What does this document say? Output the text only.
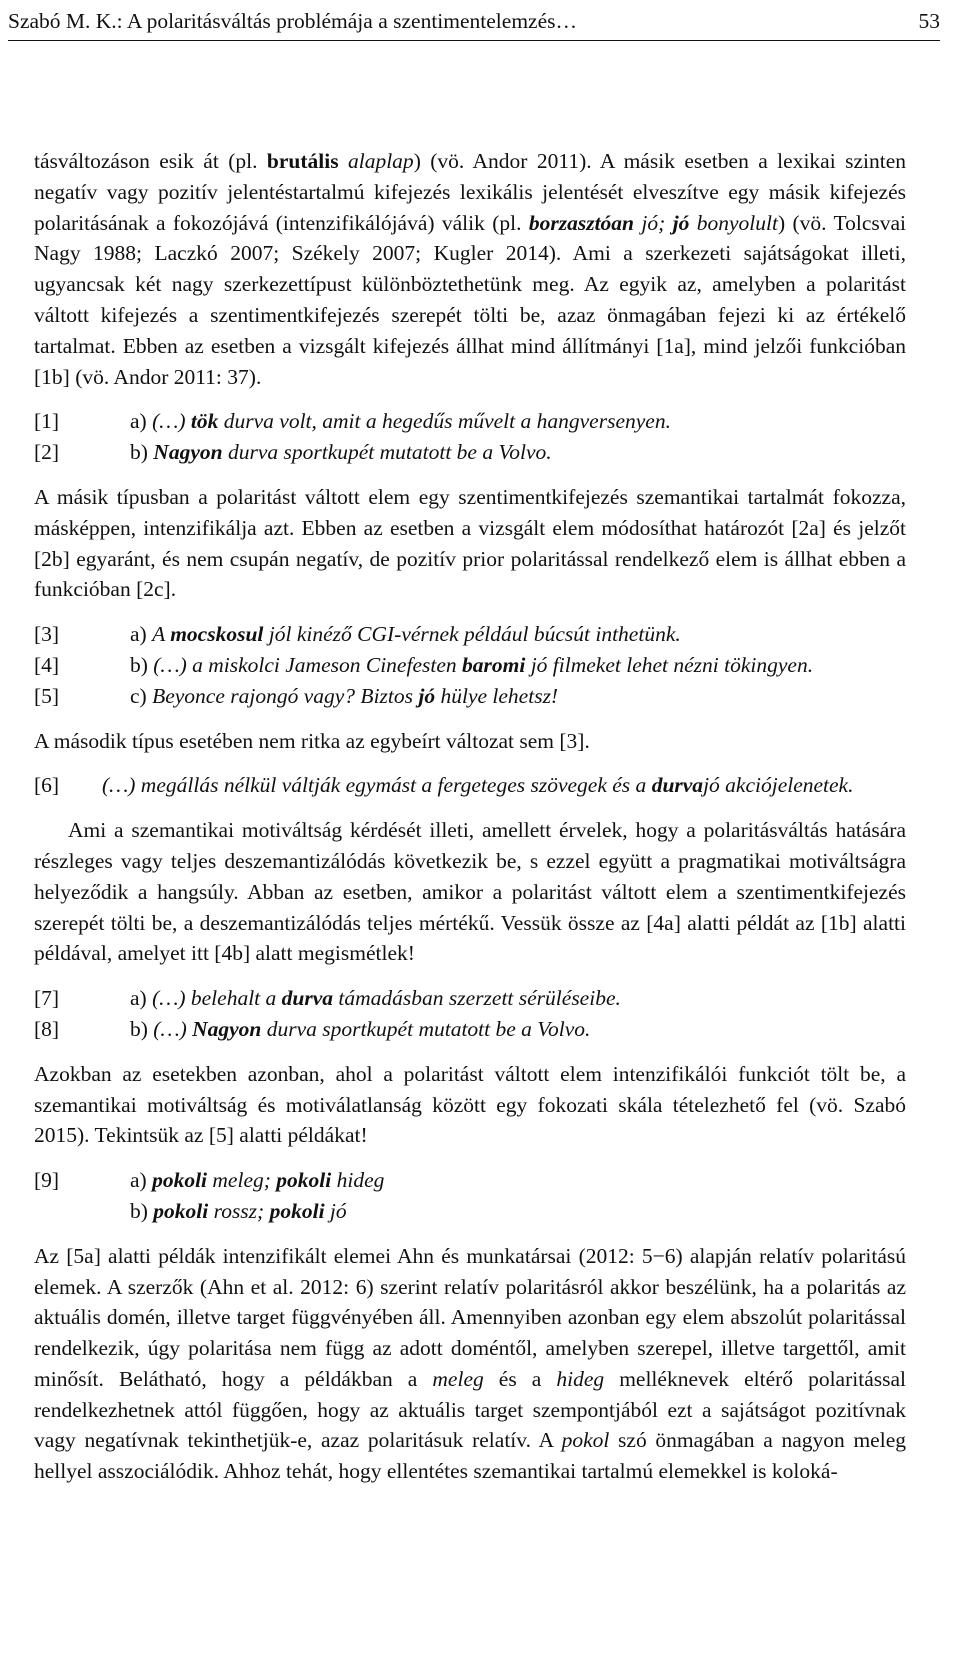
Szabó M. K.: A polaritásváltás problémája a szentimentelemzés…	53

tásváltozáson esik át (pl. brutális alaplap) (vö. Andor 2011). A másik esetben a lexikai szinten negatív vagy pozitív jelentéstartalmú kifejezés lexikális jelentését elveszítve egy másik kifejezés polaritásának a fokozójává (intenzifikálójává) válik (pl. borzasztóan jó; jó bonyolult) (vö. Tolcsvai Nagy 1988; Laczkó 2007; Székely 2007; Kugler 2014). Ami a szerkezeti sajátságokat illeti, ugyancsak két nagy szerkezettípust különböztethetünk meg. Az egyik az, amelyben a polaritást váltott kifejezés a szentimentkifejezés szerepét tölti be, azaz önmagában fejezi ki az értékelő tartalmat. Ebben az esetben a vizsgált kifejezés állhat mind állítmányi [1a], mind jelzői funkcióban [1b] (vö. Andor 2011: 37).

[1]	a) (…) tök durva volt, amit a hegedűs művelt a hangversenyen.
[2]	b) Nagyon durva sportkupét mutatott be a Volvo.

A másik típusban a polaritást váltott elem egy szentimentkifejezés szemantikai tartalmát fokozza, másképpen, intenzifikálja azt. Ebben az esetben a vizsgált elem módosíthat határozót [2a] és jelzőt [2b] egyaránt, és nem csupán negatív, de pozitív prior polaritással rendelkező elem is állhat ebben a funkcióban [2c].

[3]	a) A mocskosul jól kinéző CGI-vérnek például búcsút inthetünk.
[4]	b) (…) a miskolci Jameson Cinefesten baromi jó filmeket lehet nézni tökingyen.
[5]	c) Beyonce rajongó vagy? Biztos jó hülye lehetsz!

A második típus esetében nem ritka az egybeírt változat sem [3].

[6] (…) megállás nélkül váltják egymást a fergeteges szövegek és a durvajó akciójelenetek.

Ami a szemantikai motiváltság kérdését illeti, amellett érvelek, hogy a polaritásváltás hatására részleges vagy teljes deszemantizálódás következik be, s ezzel együtt a pragmatikai motiváltságra helyeződik a hangsúly. Abban az esetben, amikor a polaritást váltott elem a szentimentkifejezés szerepét tölti be, a deszemantizálódás teljes mértékű. Vessük össze az [4a] alatti példát az [1b] alatti példával, amelyet itt [4b] alatt megismétlek!

[7]	a) (…) belehalt a durva támadásban szerzett sérüléseibe.
[8]	b) (…) Nagyon durva sportkupét mutatott be a Volvo.

Azokban az esetekben azonban, ahol a polaritást váltott elem intenzifikálói funkciót tölt be, a szemantikai motiváltság és motiválatlanság között egy fokozati skála tételezhető fel (vö. Szabó 2015). Tekintsük az [5] alatti példákat!

[9]	a) pokoli meleg; pokoli hideg
b) pokoli rossz; pokoli jó

Az [5a] alatti példák intenzifikált elemei Ahn és munkatársai (2012: 5−6) alapján relatív polaritású elemek. A szerzők (Ahn et al. 2012: 6) szerint relatív polaritásról akkor beszélünk, ha a polaritás az aktuális domén, illetve target függvényében áll. Amennyiben azonban egy elem abszolút polaritással rendelkezik, úgy polaritása nem függ az adott doméntől, amelyben szerepel, illetve targettől, amit minősít. Belátható, hogy a példákban a meleg és a hideg melléknevek eltérő polaritással rendelkezhetnek attól függően, hogy az aktuális target szempontjából ezt a sajátságot pozitívnak vagy negatívnak tekinthetjük-e, azaz polaritásuk relatív. A pokol szó önmagában a nagyon meleg hellyel asszociálódik. Ahhoz tehát, hogy ellentétes szemantikai tartalmú elemekkel is koloká-
